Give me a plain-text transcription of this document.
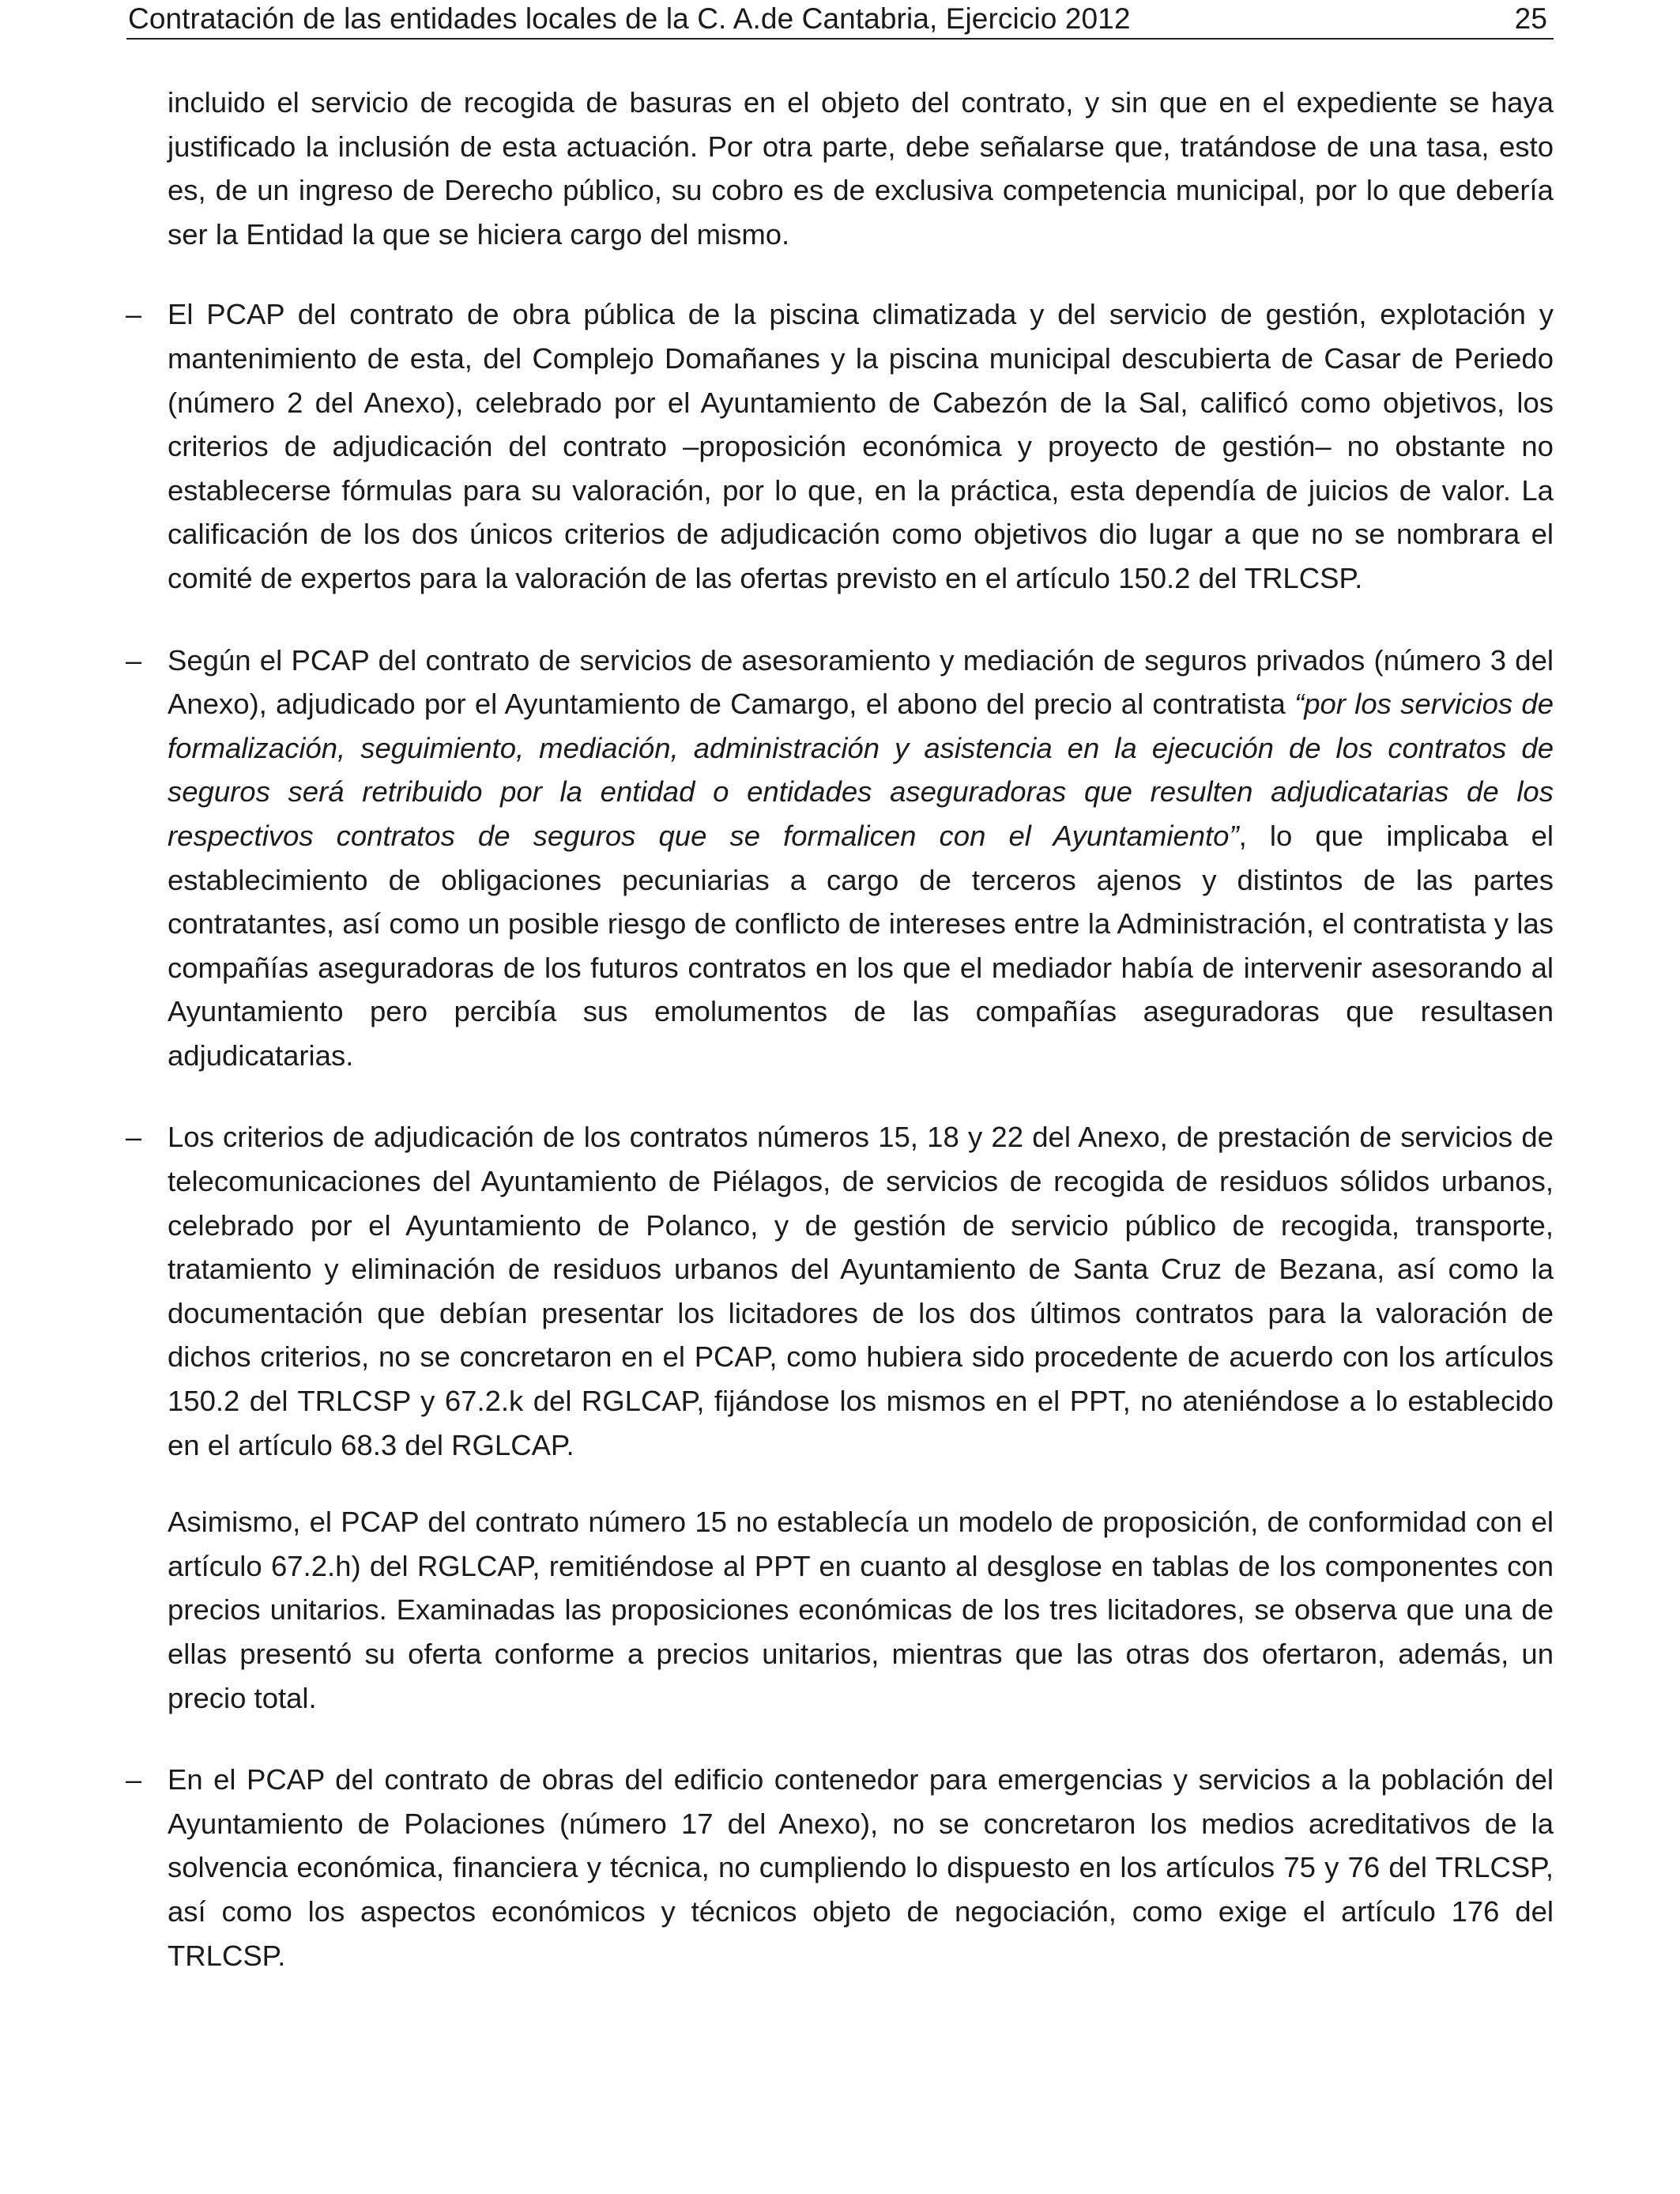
Contratación de las entidades locales de la C. A.de Cantabria, Ejercicio 2012	25

incluido el servicio de recogida de basuras en el objeto del contrato, y sin que en el expediente se haya justificado la inclusión de esta actuación. Por otra parte, debe señalarse que, tratándose de una tasa, esto es, de un ingreso de Derecho público, su cobro es de exclusiva competencia municipal, por lo que debería ser la Entidad la que se hiciera cargo del mismo.

– El PCAP del contrato de obra pública de la piscina climatizada y del servicio de gestión, explotación y mantenimiento de esta, del Complejo Domañanes y la piscina municipal descubierta de Casar de Periedo (número 2 del Anexo), celebrado por el Ayuntamiento de Cabezón de la Sal, calificó como objetivos, los criterios de adjudicación del contrato –proposición económica y proyecto de gestión– no obstante no establecerse fórmulas para su valoración, por lo que, en la práctica, esta dependía de juicios de valor. La calificación de los dos únicos criterios de adjudicación como objetivos dio lugar a que no se nombrara el comité de expertos para la valoración de las ofertas previsto en el artículo 150.2 del TRLCSP.
– Según el PCAP del contrato de servicios de asesoramiento y mediación de seguros privados (número 3 del Anexo), adjudicado por el Ayuntamiento de Camargo, el abono del precio al contratista “por los servicios de formalización, seguimiento, mediación, administración y asistencia en la ejecución de los contratos de seguros será retribuido por la entidad o entidades aseguradoras que resulten adjudicatarias de los respectivos contratos de seguros que se formalicen con el Ayuntamiento”, lo que implicaba el establecimiento de obligaciones pecuniarias a cargo de terceros ajenos y distintos de las partes contratantes, así como un posible riesgo de conflicto de intereses entre la Administración, el contratista y las compañías aseguradoras de los futuros contratos en los que el mediador había de intervenir asesorando al Ayuntamiento pero percibía sus emolumentos de las compañías aseguradoras que resultasen adjudicatarias.
– Los criterios de adjudicación de los contratos números 15, 18 y 22 del Anexo, de prestación de servicios de telecomunicaciones del Ayuntamiento de Piélagos, de servicios de recogida de residuos sólidos urbanos, celebrado por el Ayuntamiento de Polanco, y de gestión de servicio público de recogida, transporte, tratamiento y eliminación de residuos urbanos del Ayuntamiento de Santa Cruz de Bezana, así como la documentación que debían presentar los licitadores de los dos últimos contratos para la valoración de dichos criterios, no se concretaron en el PCAP, como hubiera sido procedente de acuerdo con los artículos 150.2 del TRLCSP y 67.2.k del RGLCAP, fijándose los mismos en el PPT, no ateniéndose a lo establecido en el artículo 68.3 del RGLCAP.

Asimismo, el PCAP del contrato número 15 no establecía un modelo de proposición, de conformidad con el artículo 67.2.h) del RGLCAP, remitiéndose al PPT en cuanto al desglose en tablas de los componentes con precios unitarios. Examinadas las proposiciones económicas de los tres licitadores, se observa que una de ellas presentó su oferta conforme a precios unitarios, mientras que las otras dos ofertaron, además, un precio total.

– En el PCAP del contrato de obras del edificio contenedor para emergencias y servicios a la población del Ayuntamiento de Polaciones (número 17 del Anexo), no se concretaron los medios acreditativos de la solvencia económica, financiera y técnica, no cumpliendo lo dispuesto en los artículos 75 y 76 del TRLCSP, así como los aspectos económicos y técnicos objeto de negociación, como exige el artículo 176 del TRLCSP.
